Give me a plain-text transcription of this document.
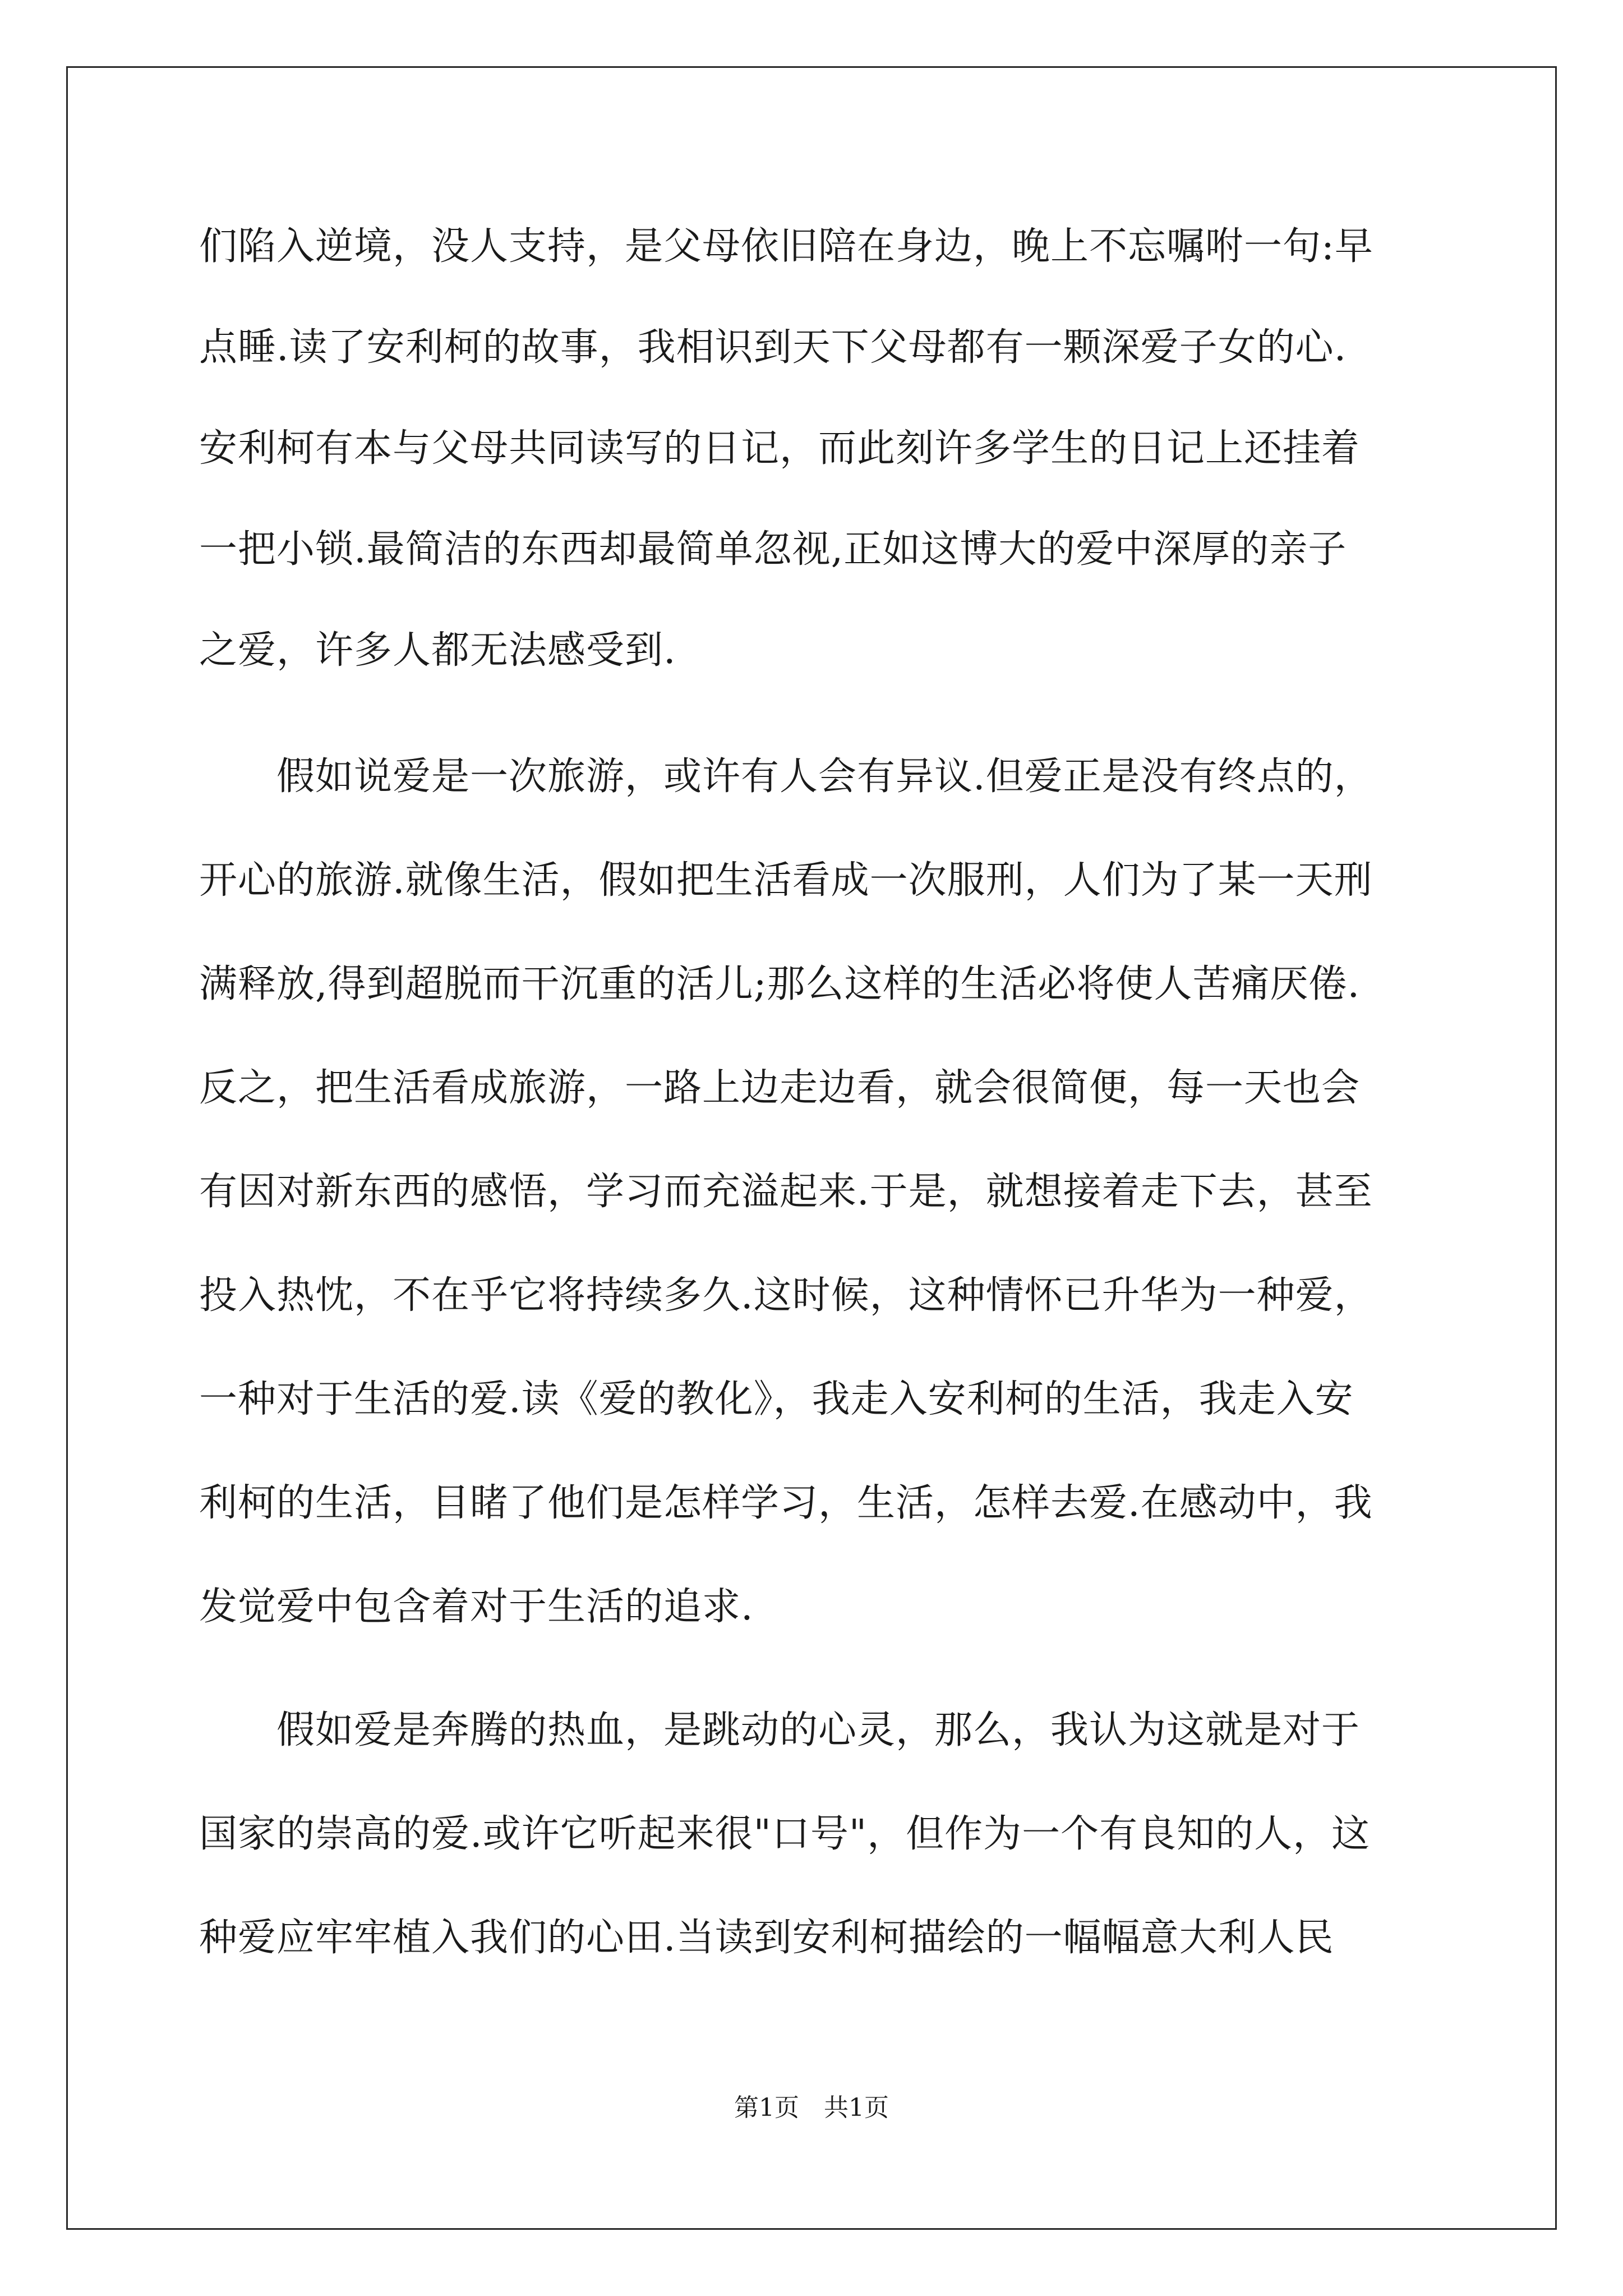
们陷入逆境，没人支持，是父母依旧陪在身边，晚上不忘嘱咐一句:早
点睡.读了安利柯的故事，我相识到天下父母都有一颗深爱子女的心.
安利柯有本与父母共同读写的日记，而此刻许多学生的日记上还挂着
一把小锁.最简洁的东西却最简单忽视,正如这博大的爱中深厚的亲子
之爱，许多人都无法感受到.
　　假如说爱是一次旅游，或许有人会有异议.但爱正是没有终点的，
开心的旅游.就像生活，假如把生活看成一次服刑，人们为了某一天刑
满释放,得到超脱而干沉重的活儿;那么这样的生活必将使人苦痛厌倦.
反之，把生活看成旅游，一路上边走边看，就会很简便，每一天也会
有因对新东西的感悟，学习而充溢起来.于是，就想接着走下去，甚至
投入热忱，不在乎它将持续多久.这时候，这种情怀已升华为一种爱，
一种对于生活的爱.读《爱的教化》，我走入安利柯的生活，我走入安
利柯的生活，目睹了他们是怎样学习，生活，怎样去爱.在感动中，我
发觉爱中包含着对于生活的追求.
　　假如爱是奔腾的热血，是跳动的心灵，那么，我认为这就是对于
国家的崇高的爱.或许它听起来很"口号"，但作为一个有良知的人，这
种爱应牢牢植入我们的心田.当读到安利柯描绘的一幅幅意大利人民
第1页　共1页
